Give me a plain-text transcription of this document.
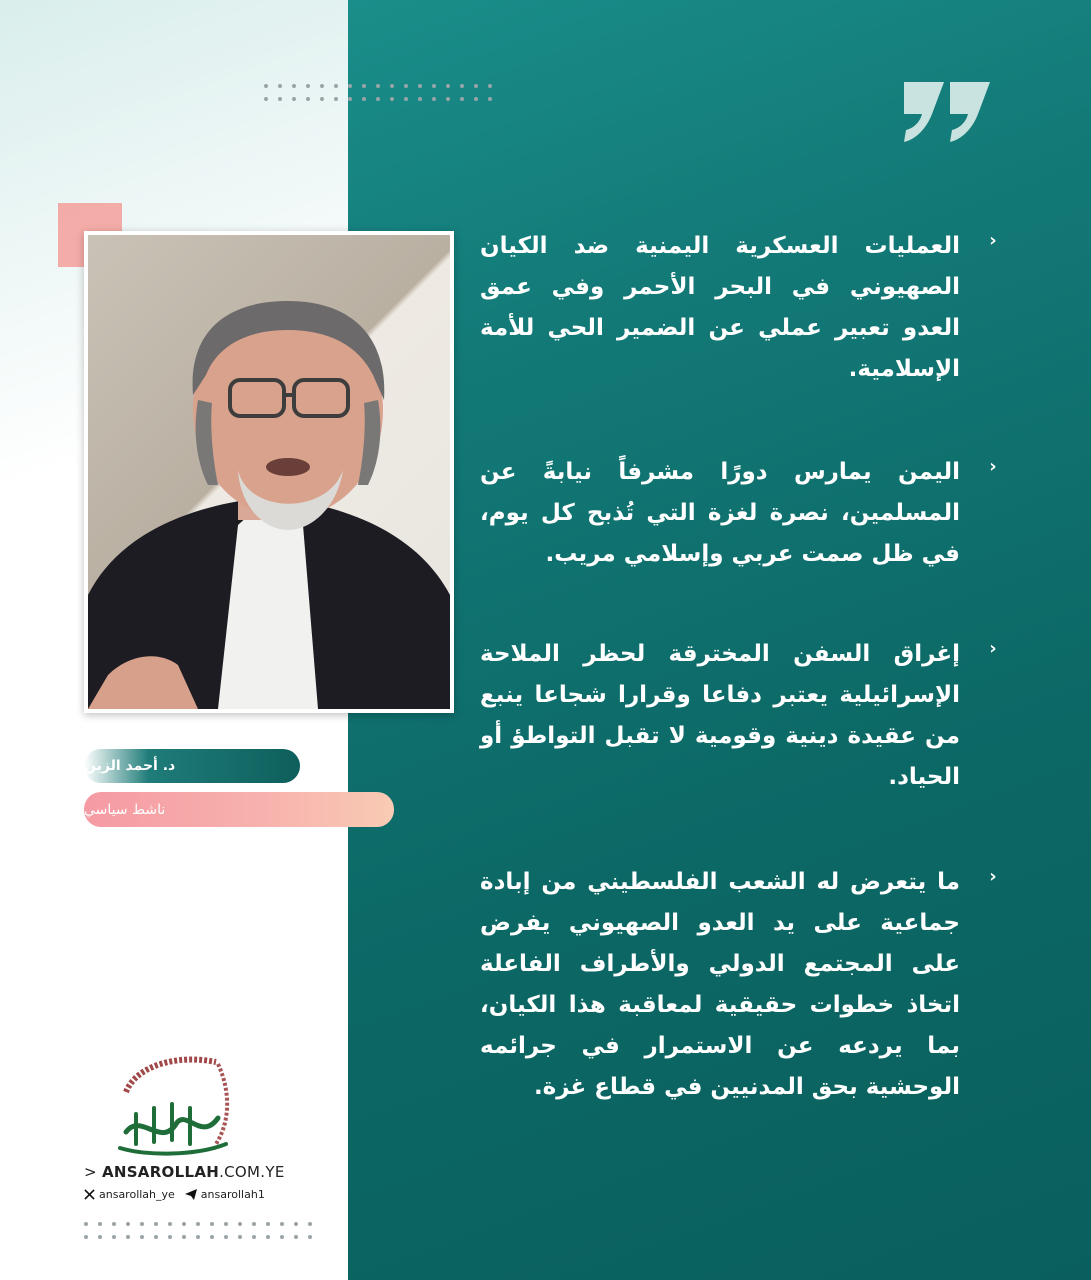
د. أحمد الزين
ناشط سياسي
›
العمليات العسكرية اليمنية ضد الكيان الصهيوني في البحر الأحمر وفي عمق العدو تعبير عملي عن الضمير الحي للأمة الإسلامية.
›
اليمن يمارس دورًا مشرفاً نيابةً عن المسلمين، نصرة لغزة التي تُذبح كل يوم، في ظل صمت عربي وإسلامي مريب.
›
إغراق السفن المخترقة لحظر الملاحة الإسرائيلية يعتبر دفاعا وقرارا شجاعا ينبع من عقيدة دينية وقومية لا تقبل التواطؤ أو الحياد.
›
ما يتعرض له الشعب الفلسطيني من إبادة جماعية على يد العدو الصهيوني يفرض على المجتمع الدولي والأطراف الفاعلة اتخاذ خطوات حقيقية لمعاقبة هذا الكيان، بما يردعه عن الاستمرار في جرائمه الوحشية بحق المدنيين في قطاع غزة.
> ANSAROLLAH.COM.YE
ansarollah_ye ansarollah1
